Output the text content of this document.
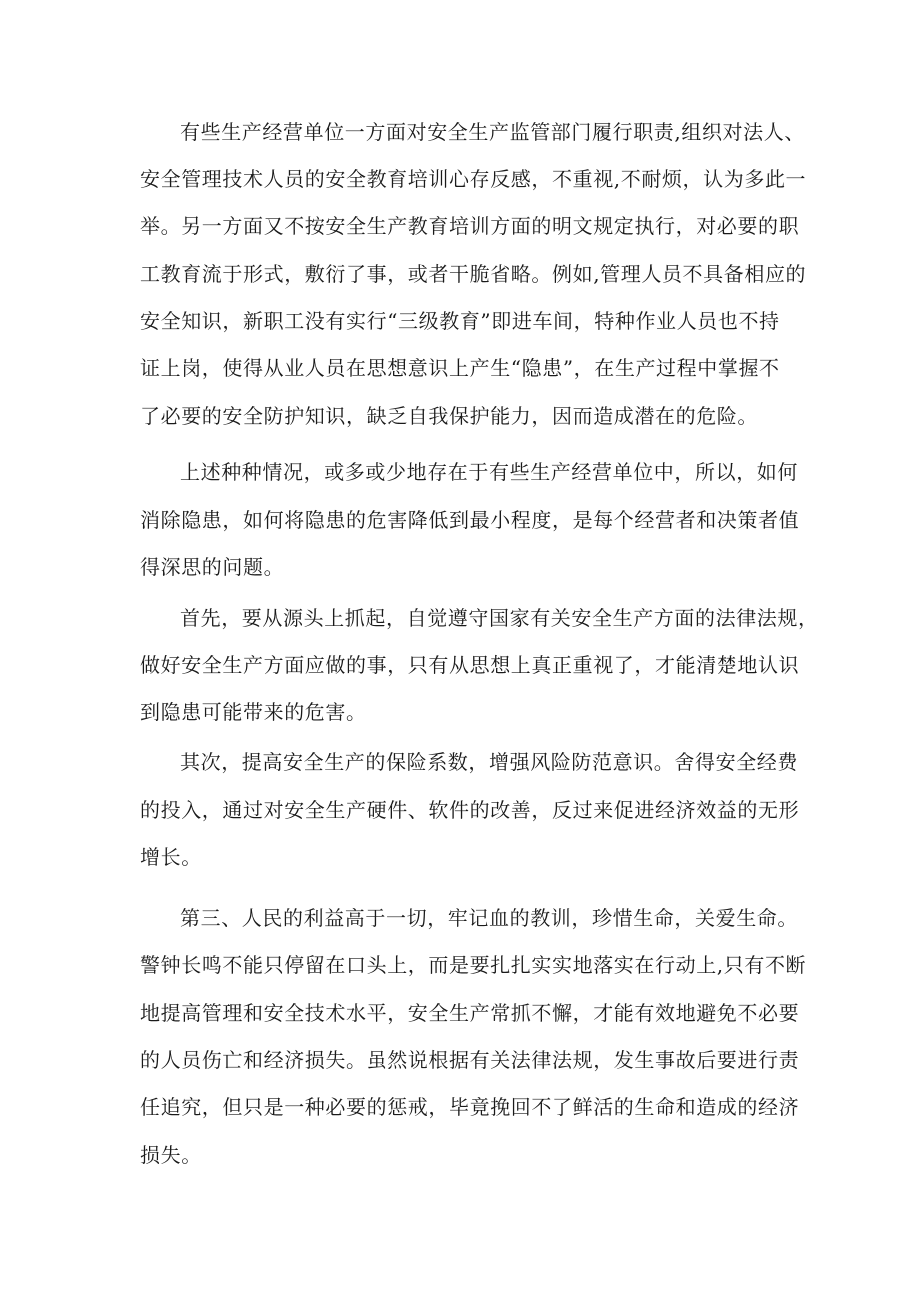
有些生产经营单位一方面对安全生产监管部门履行职责,组织对法人、

安全管理技术人员的安全教育培训心存反感，不重视,不耐烦，认为多此一

举。另一方面又不按安全生产教育培训方面的明文规定执行，对必要的职

工教育流于形式，敷衍了事，或者干脆省略。例如,管理人员不具备相应的

安全知识，新职工没有实行“三级教育”即进车间，特种作业人员也不持

证上岗，使得从业人员在思想意识上产生“隐患”，在生产过程中掌握不

了必要的安全防护知识，缺乏自我保护能力，因而造成潜在的危险。

上述种种情况，或多或少地存在于有些生产经营单位中，所以，如何

消除隐患，如何将隐患的危害降低到最小程度，是每个经营者和决策者值

得深思的问题。

首先，要从源头上抓起，自觉遵守国家有关安全生产方面的法律法规，

做好安全生产方面应做的事，只有从思想上真正重视了，才能清楚地认识

到隐患可能带来的危害。

其次，提高安全生产的保险系数，增强风险防范意识。舍得安全经费

的投入，通过对安全生产硬件、软件的改善，反过来促进经济效益的无形

增长。

第三、人民的利益高于一切，牢记血的教训，珍惜生命，关爱生命。

警钟长鸣不能只停留在口头上，而是要扎扎实实地落实在行动上,只有不断

地提高管理和安全技术水平，安全生产常抓不懈，才能有效地避免不必要

的人员伤亡和经济损失。虽然说根据有关法律法规，发生事故后要进行责

任追究，但只是一种必要的惩戒，毕竟挽回不了鲜活的生命和造成的经济

损失。
